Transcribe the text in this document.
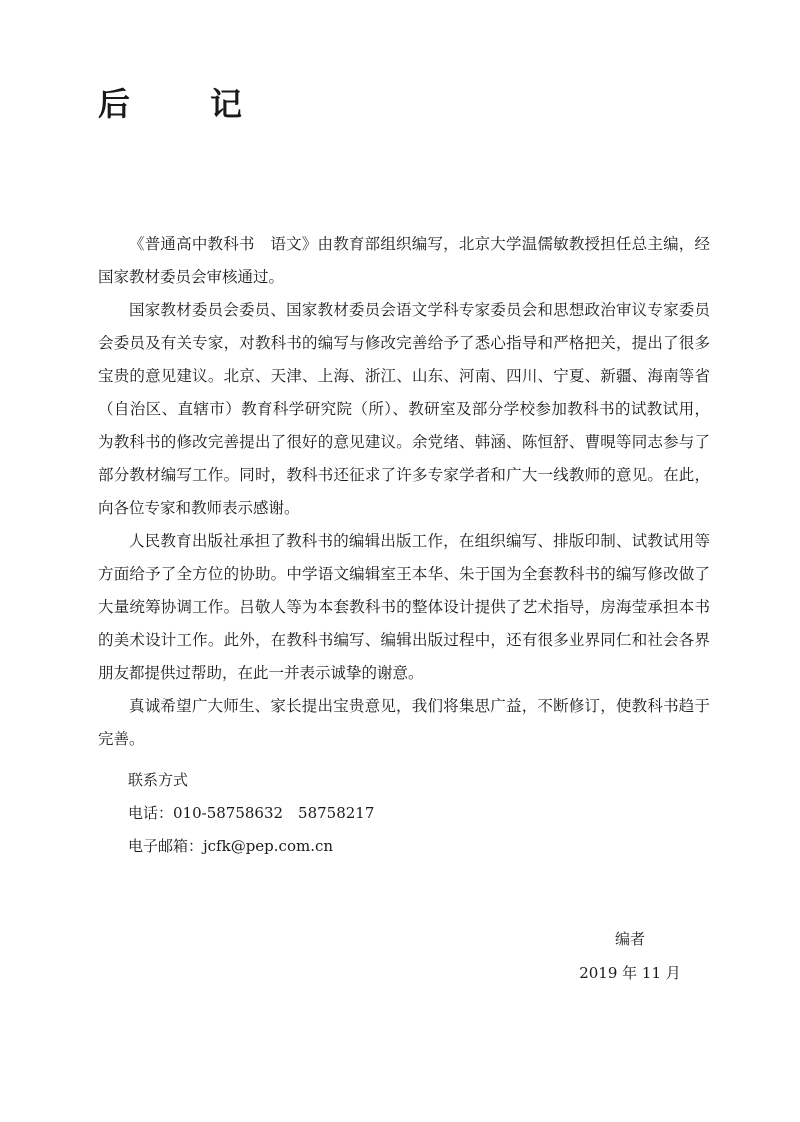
后　记

《普通高中教科书　语文》由教育部组织编写，北京大学温儒敏教授担任总主编，经国家教材委员会审核通过。

国家教材委员会委员、国家教材委员会语文学科专家委员会和思想政治审议专家委员会委员及有关专家，对教科书的编写与修改完善给予了悉心指导和严格把关，提出了很多宝贵的意见建议。北京、天津、上海、浙江、山东、河南、四川、宁夏、新疆、海南等省（自治区、直辖市）教育科学研究院（所）、教研室及部分学校参加教科书的试教试用，为教科书的修改完善提出了很好的意见建议。余党绪、韩涵、陈恒舒、曹晛等同志参与了部分教材编写工作。同时，教科书还征求了许多专家学者和广大一线教师的意见。在此，向各位专家和教师表示感谢。

人民教育出版社承担了教科书的编辑出版工作，在组织编写、排版印制、试教试用等方面给予了全方位的协助。中学语文编辑室王本华、朱于国为全套教科书的编写修改做了大量统筹协调工作。吕敬人等为本套教科书的整体设计提供了艺术指导，房海莹承担本书的美术设计工作。此外，在教科书编写、编辑出版过程中，还有很多业界同仁和社会各界朋友都提供过帮助，在此一并表示诚挚的谢意。

真诚希望广大师生、家长提出宝贵意见，我们将集思广益，不断修订，使教科书趋于完善。

联系方式
电话：010-58758632　58758217
电子邮箱：jcfk@pep.com.cn
编者
2019 年 11 月
